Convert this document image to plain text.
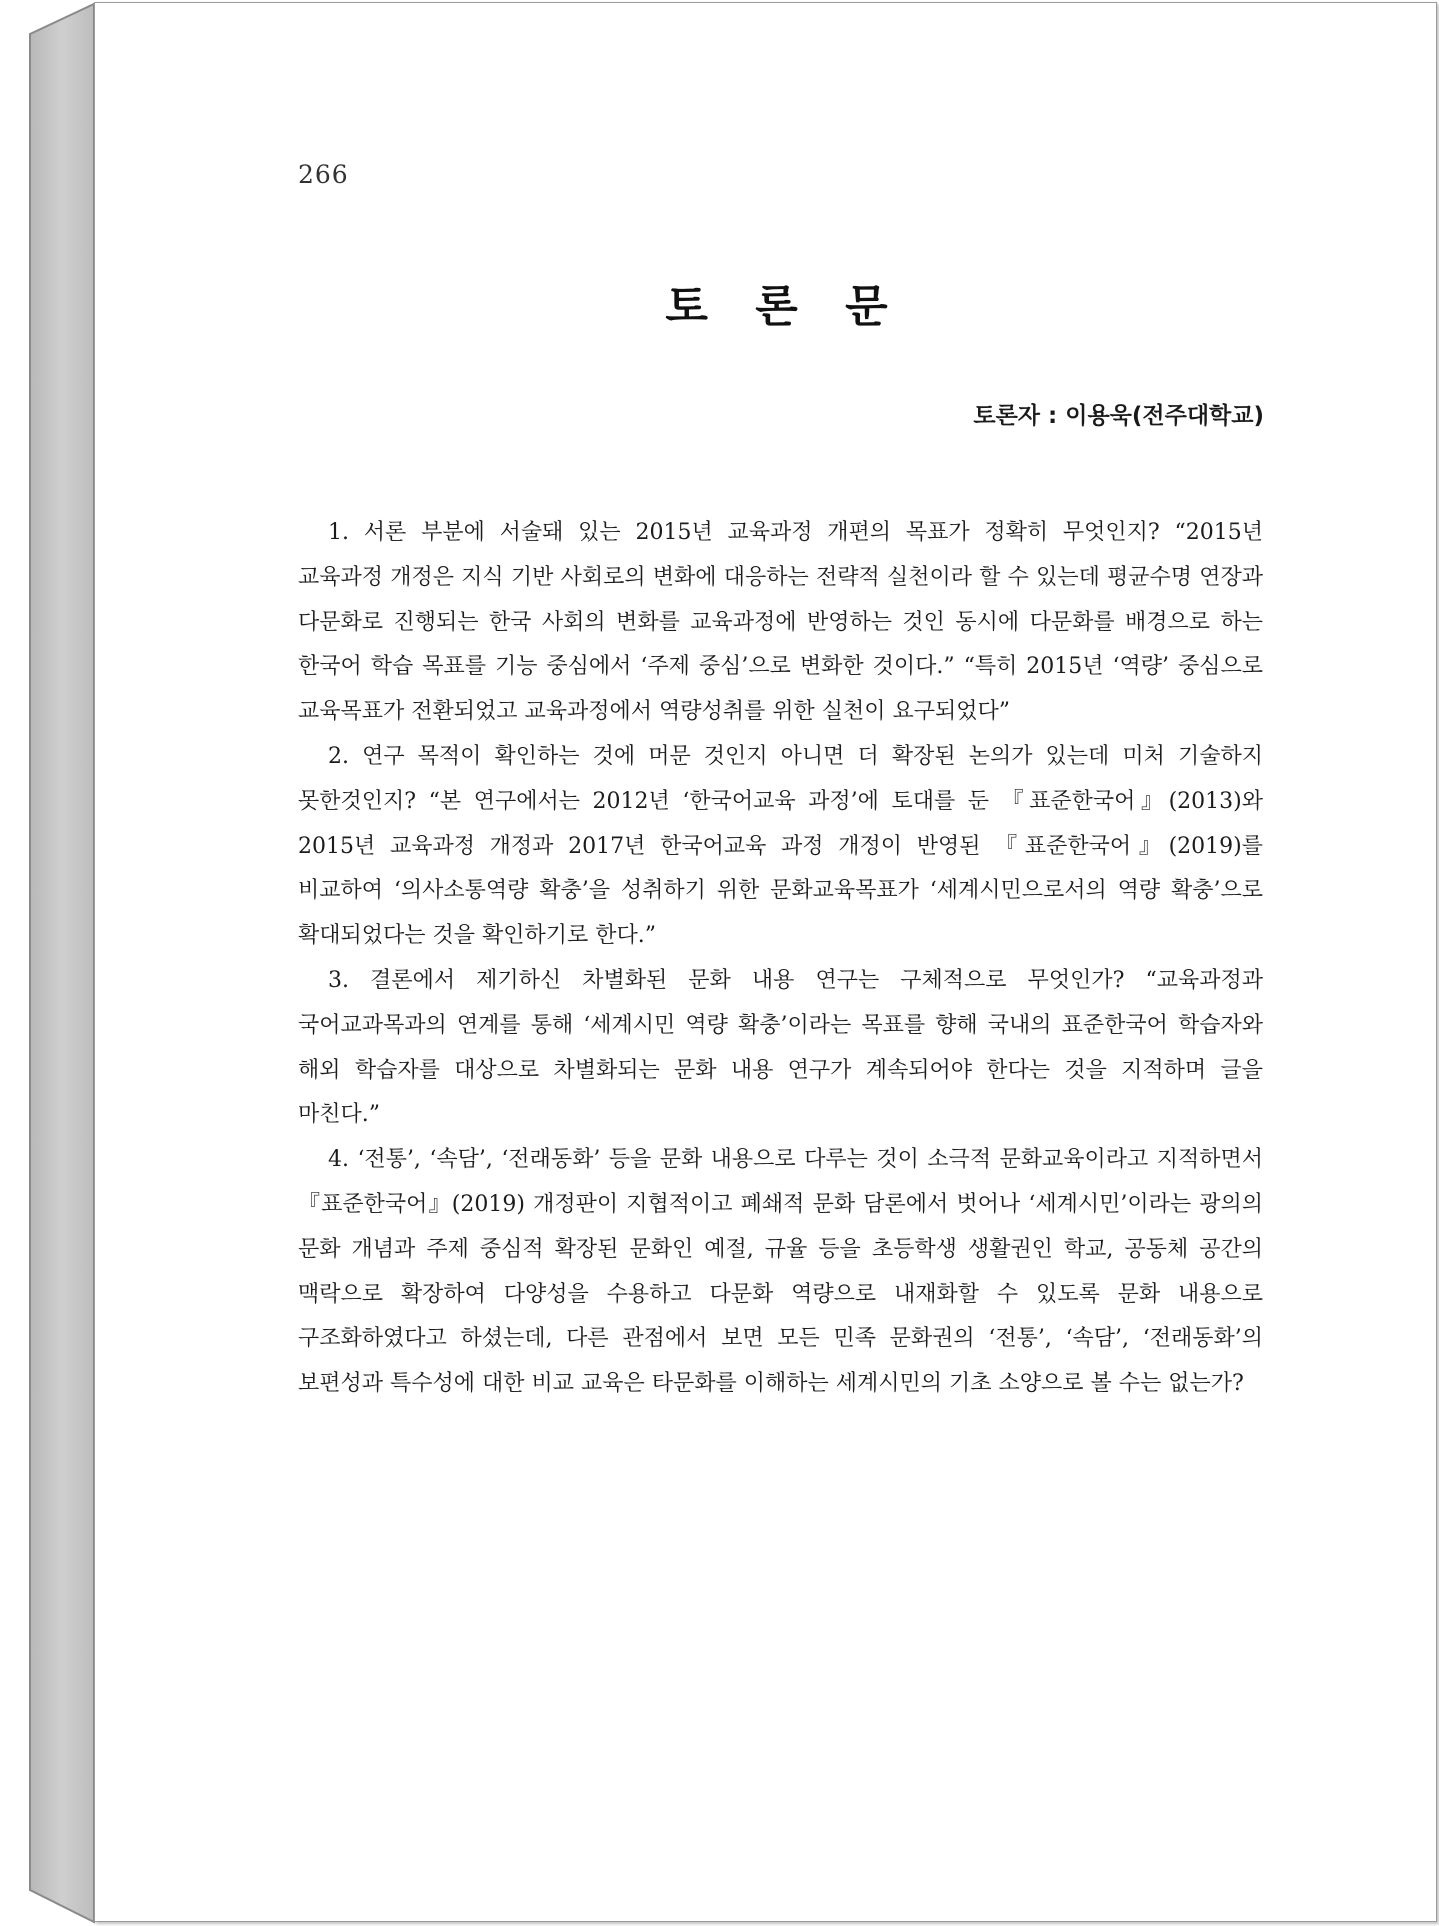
266
토 론 문
토론자 : 이용욱(전주대학교)

1. 서론 부분에 서술돼 있는 2015년 교육과정 개편의 목표가 정확히 무엇인지? “2015년 교육과정 개정은 지식 기반 사회로의 변화에 대응하는 전략적 실천이라 할 수 있는데 평균수명 연장과 다문화로 진행되는 한국 사회의 변화를 교육과정에 반영하는 것인 동시에 다문화를 배경으로 하는 한국어 학습 목표를 기능 중심에서 ‘주제 중심’으로 변화한 것이다.” “특히 2015년 ‘역량’ 중심으로 교육목표가 전환되었고 교육과정에서 역량성취를 위한 실천이 요구되었다”

2. 연구 목적이 확인하는 것에 머문 것인지 아니면 더 확장된 논의가 있는데 미처 기술하지 못한것인지? “본 연구에서는 2012년 ‘한국어교육 과정’에 토대를 둔 『표준한국어』(2013)와 2015년 교육과정 개정과 2017년 한국어교육 과정 개정이 반영된 『표준한국어』(2019)를 비교하여 ‘의사소통역량 확충’을 성취하기 위한 문화교육목표가 ‘세계시민으로서의 역량 확충’으로 확대되었다는 것을 확인하기로 한다.”

3. 결론에서 제기하신 차별화된 문화 내용 연구는 구체적으로 무엇인가? “교육과정과 국어교과목과의 연계를 통해 ‘세계시민 역량 확충’이라는 목표를 향해 국내의 표준한국어 학습자와 해외 학습자를 대상으로 차별화되는 문화 내용 연구가 계속되어야 한다는 것을 지적하며 글을 마친다.”

4. ‘전통’, ‘속담’, ‘전래동화’ 등을 문화 내용으로 다루는 것이 소극적 문화교육이라고 지적하면서 『표준한국어』(2019) 개정판이 지협적이고 폐쇄적 문화 담론에서 벗어나 ‘세계시민’이라는 광의의 문화 개념과 주제 중심적 확장된 문화인 예절, 규율 등을 초등학생 생활권인 학교, 공동체 공간의 맥락으로 확장하여 다양성을 수용하고 다문화 역량으로 내재화할 수 있도록 문화 내용으로 구조화하였다고 하셨는데, 다른 관점에서 보면 모든 민족 문화권의 ‘전통’, ‘속담’, ‘전래동화’의 보편성과 특수성에 대한 비교 교육은 타문화를 이해하는 세계시민의 기초 소양으로 볼 수는 없는가?
